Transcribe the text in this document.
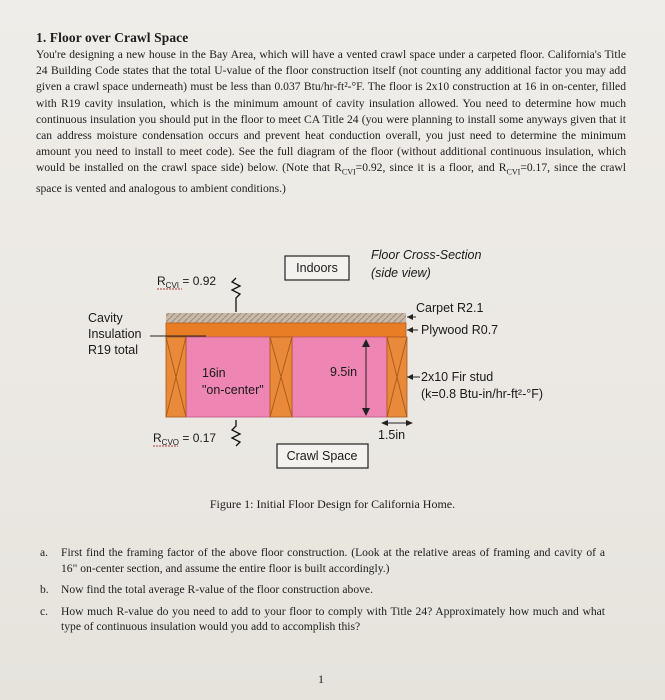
1. Floor over Crawl Space
You're designing a new house in the Bay Area, which will have a vented crawl space under a carpeted floor. California's Title 24 Building Code states that the total U-value of the floor construction itself (not counting any additional factor you may add given a crawl space underneath) must be less than 0.037 Btu/hr-ft²-°F. The floor is 2x10 construction at 16 in on-center, filled with R19 cavity insulation, which is the minimum amount of cavity insulation allowed. You need to determine how much continuous insulation you should put in the floor to meet CA Title 24 (you were planning to install some anyways given that it can address moisture condensation occurs and prevent heat conduction overall, you just need to determine the minimum amount you need to install to meet code). See the full diagram of the floor (without additional continuous insulation, which would be installed on the crawl space side) below. (Note that $R_{CVI}=0.92$, since it is a floor, and $R_{CVI}=0.17$, since the crawl space is vented and analogous to ambient conditions.)
$R_{CVI} = 0.92$
Indoors
Floor Cross-Section
(side view)
Cavity
Insulation
R19 total
Carpet R2.1
Plywood R0.7
16in
"on-center"
9.5in	2x10 Fir stud
(k=0.8 Btu-in/hr-ft²-°F)
$R_{CVO} = 0.17$	1.5in
Crawl Space
Figure 1: Initial Floor Design for California Home.
a.	First find the framing factor of the above floor construction. (Look at the relative areas of framing and cavity of a 16" on-center section, and assume the entire floor is built accordingly.)
b.	Now find the total average R-value of the floor construction above.
c.	How much R-value do you need to add to your floor to comply with Title 24? Approximately how much and what type of continuous insulation would you add to accomplish this?
1
